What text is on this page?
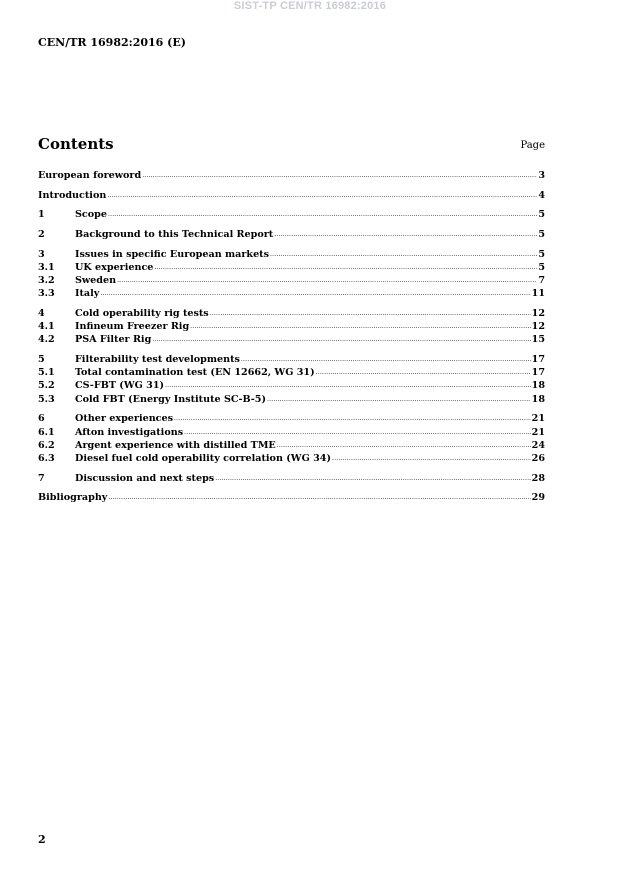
SIST-TP CEN/TR 16982:2016
CEN/TR 16982:2016 (E)
Contents	Page
European foreword .....	3
Introduction .....	4
1	Scope .....	5
2	Background to this Technical Report .....	5
3	Issues in specific European markets .....	5
3.1	UK experience .....	5
3.2	Sweden .....	7
3.3	Italy .....	11
4	Cold operability rig tests .....	12
4.1	Infineum Freezer Rig .....	12
4.2	PSA Filter Rig .....	15
5	Filterability test developments .....	17
5.1	Total contamination test (EN 12662, WG 31) .....	17
5.2	CS-FBT (WG 31) .....	18
5.3	Cold FBT (Energy Institute SC-B-5) .....	18
6	Other experiences .....	21
6.1	Afton investigations .....	21
6.2	Argent experience with distilled TME .....	24
6.3	Diesel fuel cold operability correlation (WG 34) .....	26
7	Discussion and next steps .....	28
Bibliography .....	29
2
